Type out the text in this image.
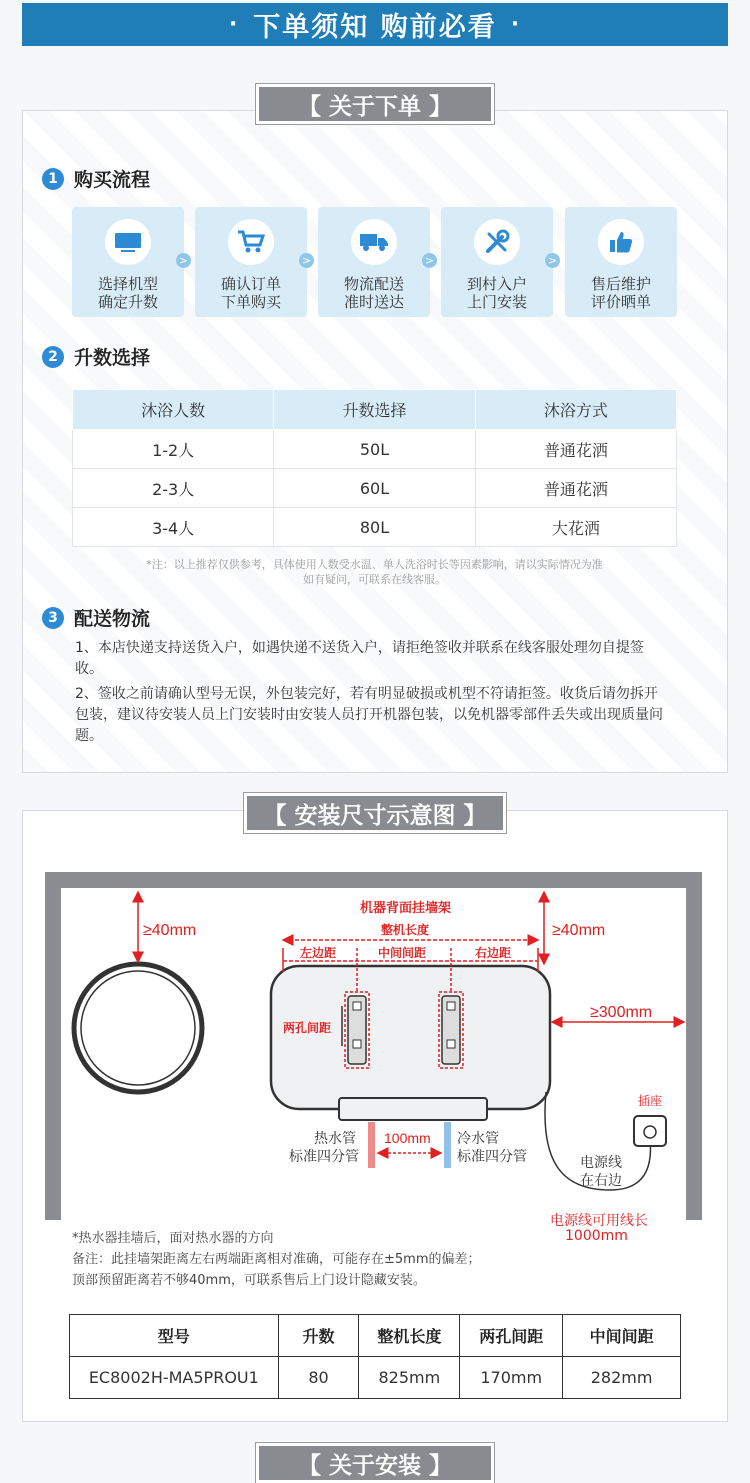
· 下单须知 购前必看 ·
【 关于下单 】
1 购买流程
选择机型
确定升数
>
确认订单
下单购买
>
物流配送
准时送达
>
到村入户
上门安装
>
售后维护
评价晒单
2 升数选择
沐浴人数	升数选择	沐浴方式
1-2人	50L	普通花洒
2-3人	60L	普通花洒
3-4人	80L	大花洒
*注：以上推荐仅供参考，具体使用人数受水温、单人洗浴时长等因素影响，请以实际情况为准
如有疑问，可联系在线客服。
3 配送物流
1、本店快递支持送货入户，如遇快递不送货入户，请拒绝签收并联系在线客服处理勿自提签收。
2、签收之前请确认型号无误，外包装完好，若有明显破损或机型不符请拒签。收货后请勿拆开包装，建议待安装人员上门安装时由安装人员打开机器包装，以免机器零部件丢失或出现质量问题。
【 安装尺寸示意图 】
≥40mm
两孔间距
机器背面挂墙架
整机长度
左边距	中间间距	右边距
≥40mm
≥300mm
100mm
热水管
标准四分管
冷水管
标准四分管
插座
电源线
在右边
电源线可用线长
1000mm
*热水器挂墙后，面对热水器的方向
备注：此挂墙架距离左右两端距离相对准确，可能存在±5mm的偏差；
顶部预留距离若不够40mm，可联系售后上门设计隐藏安装。
型号	升数	整机长度	两孔间距	中间间距
EC8002H-MA5PROU1	80	825mm	170mm	282mm
【 关于安装 】
